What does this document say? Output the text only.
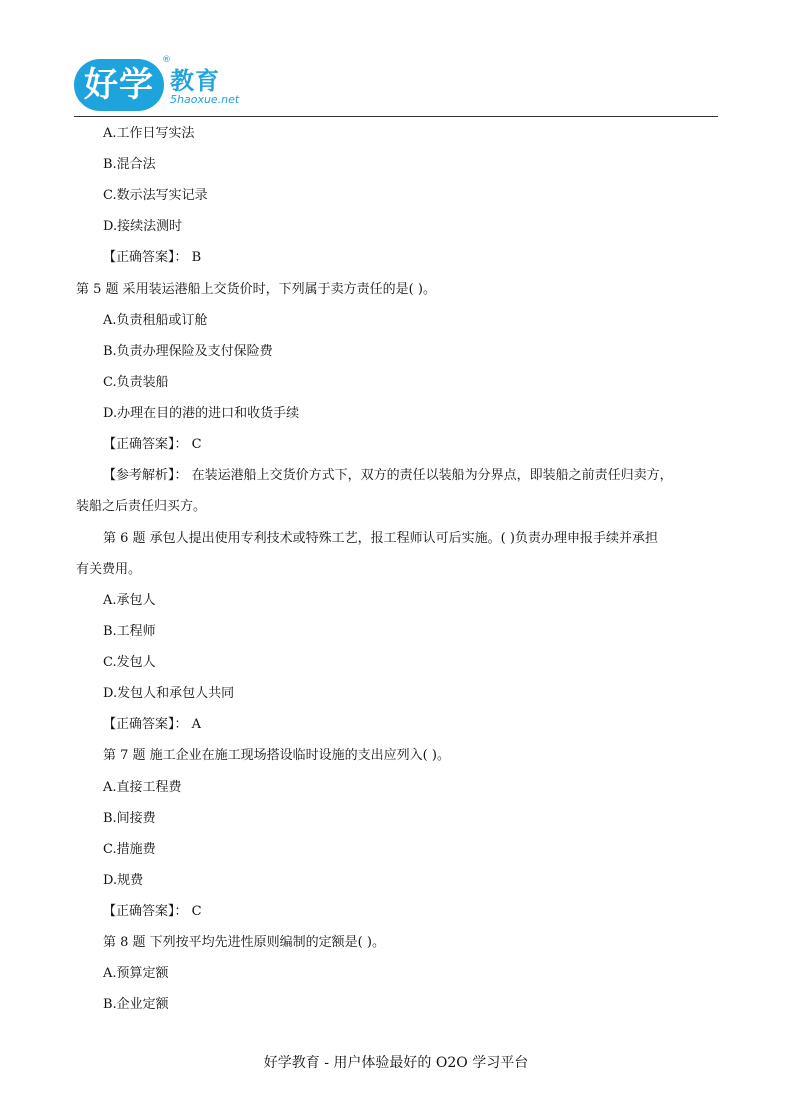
好学
®
教育
5haoxue.net
A.工作日写实法
B.混合法
C.数示法写实记录
D.接续法测时
【正确答案】： B
第 5 题 采用装运港船上交货价时，下列属于卖方责任的是( )。
A.负责租船或订舱
B.负责办理保险及支付保险费
C.负责装船
D.办理在目的港的进口和收货手续
【正确答案】： C
【参考解析】： 在装运港船上交货价方式下，双方的责任以装船为分界点，即装船之前责任归卖方，
装船之后责任归买方。
第 6 题 承包人提出使用专利技术或特殊工艺，报工程师认可后实施。( )负责办理申报手续并承担
有关费用。
A.承包人
B.工程师
C.发包人
D.发包人和承包人共同
【正确答案】： A
第 7 题 施工企业在施工现场搭设临时设施的支出应列入( )。
A.直接工程费
B.间接费
C.措施费
D.规费
【正确答案】： C
第 8 题 下列按平均先进性原则编制的定额是( )。
A.预算定额
B.企业定额
好学教育 - 用户体验最好的 O2O 学习平台
